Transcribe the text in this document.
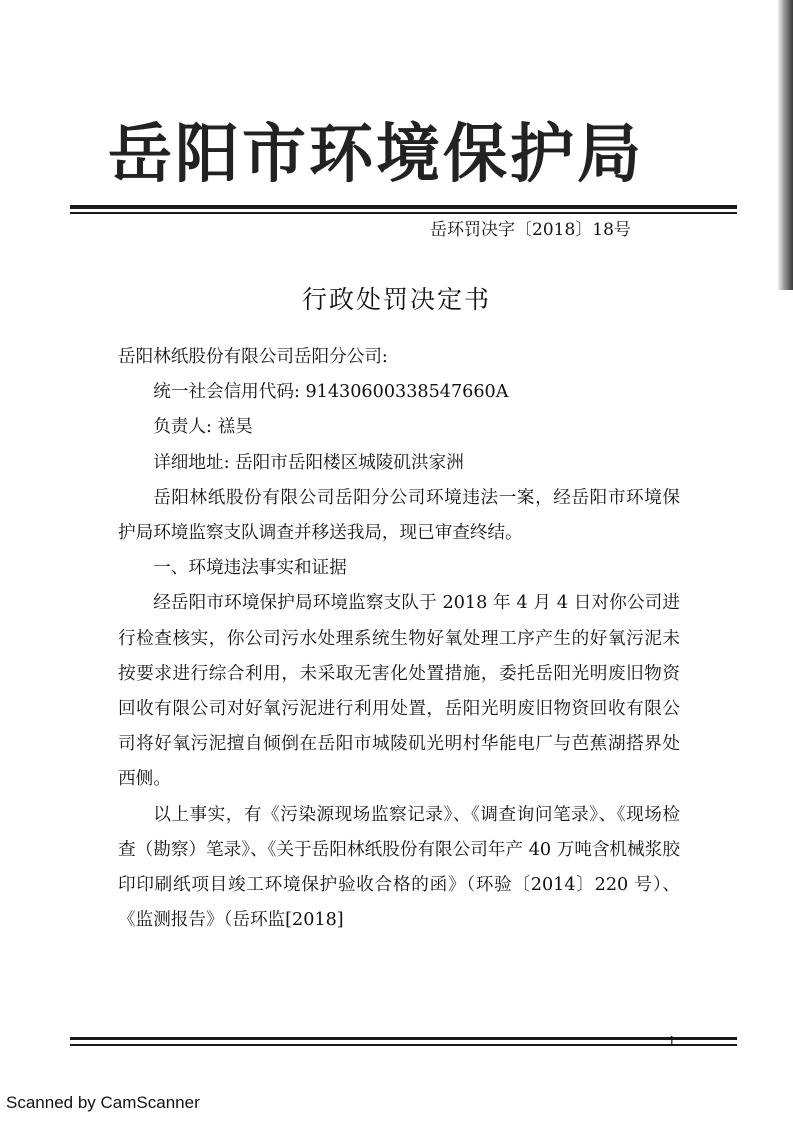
岳阳市环境保护局
岳环罚决字〔2018〕18号
行政处罚决定书

岳阳林纸股份有限公司岳阳分公司:

统一社会信用代码: 91430600338547660A

负责人: 禚昊

详细地址: 岳阳市岳阳楼区城陵矶洪家洲

岳阳林纸股份有限公司岳阳分公司环境违法一案，经岳阳市环境保护局环境监察支队调查并移送我局，现已审查终结。

一、环境违法事实和证据

经岳阳市环境保护局环境监察支队于 2018 年 4 月 4 日对你公司进行检查核实，你公司污水处理系统生物好氧处理工序产生的好氧污泥未按要求进行综合利用，未采取无害化处置措施，委托岳阳光明废旧物资回收有限公司对好氧污泥进行利用处置，岳阳光明废旧物资回收有限公司将好氧污泥擅自倾倒在岳阳市城陵矶光明村华能电厂与芭蕉湖搭界处西侧。

以上事实，有《污染源现场监察记录》、《调查询问笔录》、《现场检查（勘察）笔录》、《关于岳阳林纸股份有限公司年产 40 万吨含机械浆胶印印刷纸项目竣工环境保护验收合格的函》（环验〔2014〕220 号）、《监测报告》（岳环监[2018]

1
Scanned by CamScanner
